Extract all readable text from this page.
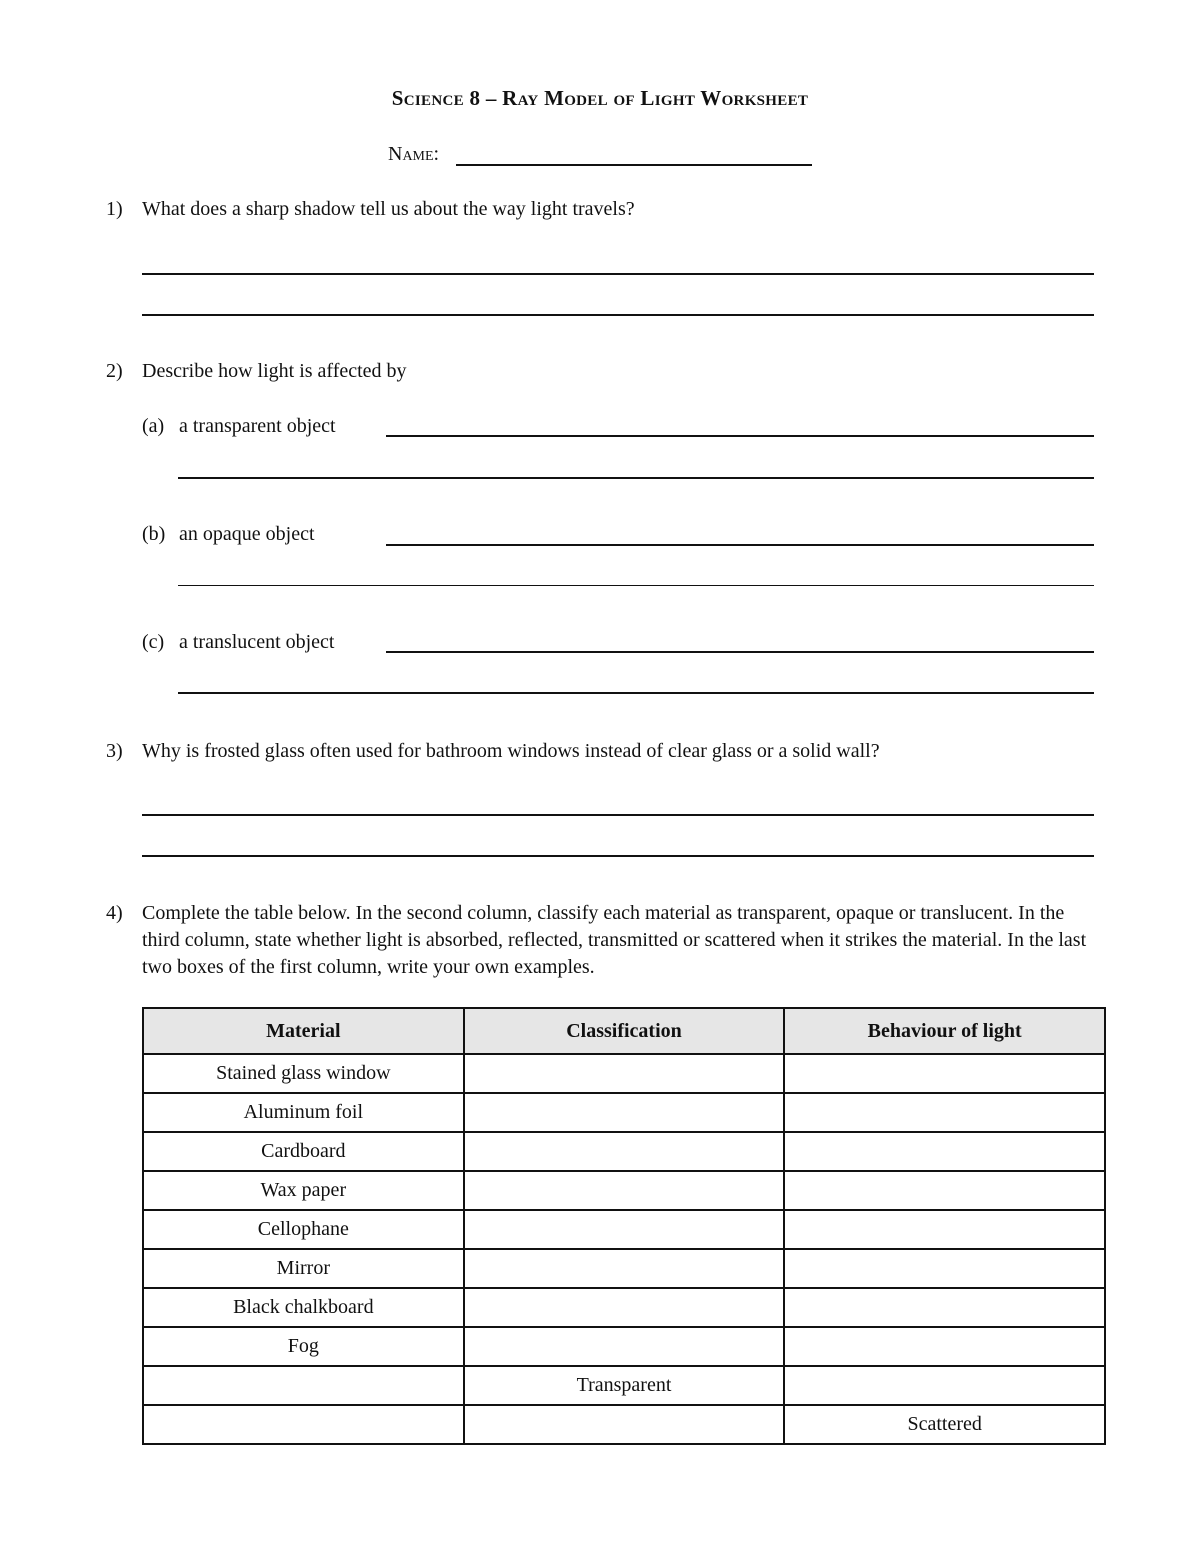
Science 8 – Ray Model of Light Worksheet
Name:
1) What does a sharp shadow tell us about the way light travels?
2) Describe how light is affected by
(a) a transparent object
(b) an opaque object
(c) a translucent object
3) Why is frosted glass often used for bathroom windows instead of clear glass or a solid wall?
4) Complete the table below. In the second column, classify each material as transparent, opaque or translucent. In the third column, state whether light is absorbed, reflected, transmitted or scattered when it strikes the material. In the last two boxes of the first column, write your own examples.
Material	Classification	Behaviour of light
Stained glass window		
Aluminum foil		
Cardboard		
Wax paper		
Cellophane		
Mirror		
Black chalkboard		
Fog		
	Transparent	
		Scattered
